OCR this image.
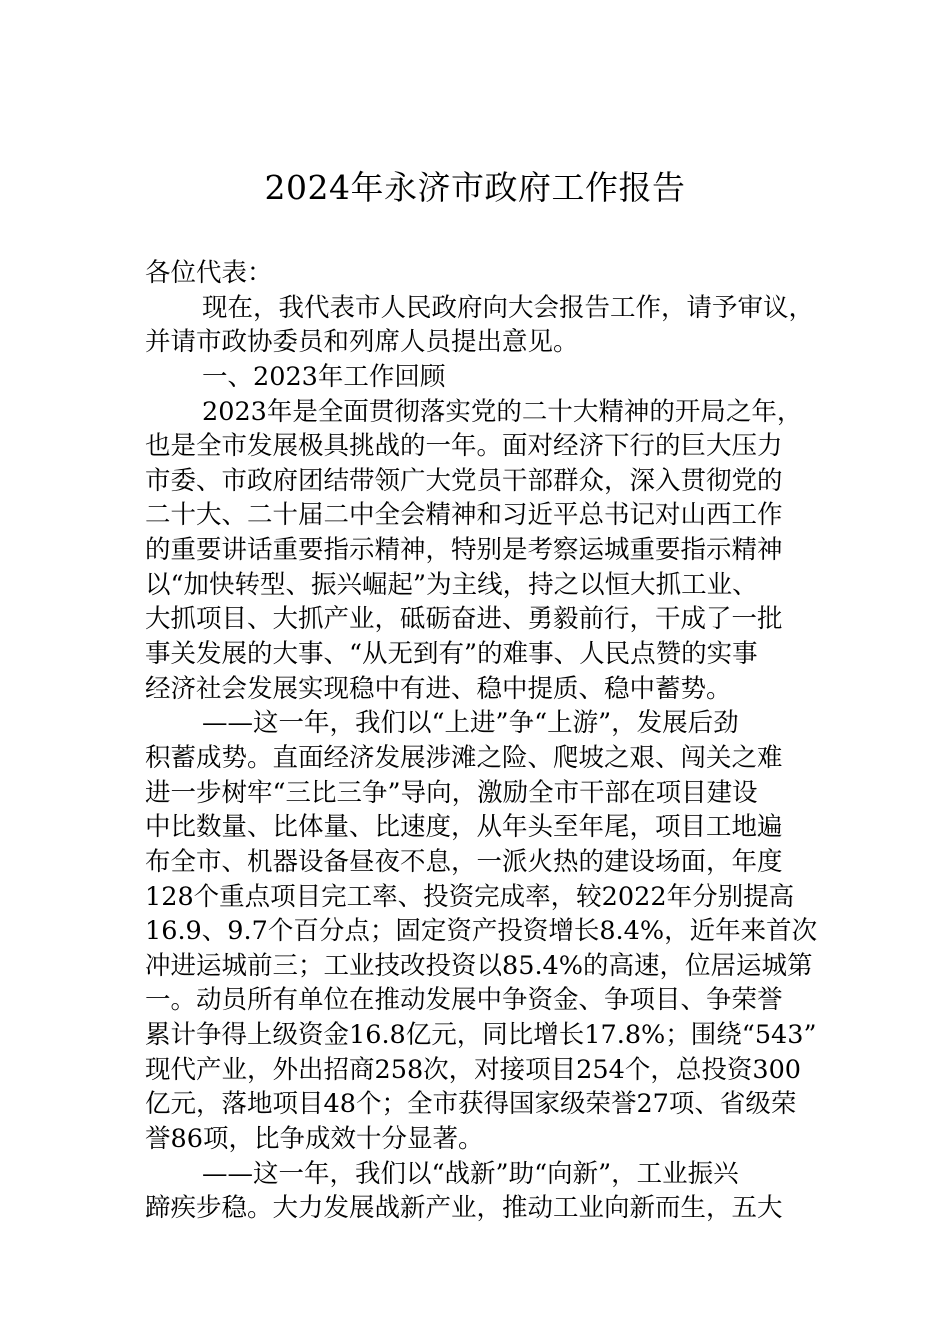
2024年永济市政府工作报告
各位代表：
现在，我代表市人民政府向大会报告工作，请予审议，
并请市政协委员和列席人员提出意见。
一、2023年工作回顾
2023年是全面贯彻落实党的二十大精神的开局之年，
也是全市发展极具挑战的一年。面对经济下行的巨大压力
市委、市政府团结带领广大党员干部群众，深入贯彻党的
二十大、二十届二中全会精神和习近平总书记对山西工作
的重要讲话重要指示精神，特别是考察运城重要指示精神
以“加快转型、振兴崛起”为主线，持之以恒大抓工业、
大抓项目、大抓产业，砥砺奋进、勇毅前行，干成了一批
事关发展的大事、“从无到有”的难事、人民点赞的实事
经济社会发展实现稳中有进、稳中提质、稳中蓄势。
——这一年，我们以“上进”争“上游”，发展后劲
积蓄成势。直面经济发展涉滩之险、爬坡之艰、闯关之难
进一步树牢“三比三争”导向，激励全市干部在项目建设
中比数量、比体量、比速度，从年头至年尾，项目工地遍
布全市、机器设备昼夜不息，一派火热的建设场面，年度
128个重点项目完工率、投资完成率，较2022年分别提高
16.9、9.7个百分点；固定资产投资增长8.4%，近年来首次
冲进运城前三；工业技改投资以85.4%的高速，位居运城第
一。动员所有单位在推动发展中争资金、争项目、争荣誉
累计争得上级资金16.8亿元，同比增长17.8%；围绕“543”
现代产业，外出招商258次，对接项目254个，总投资300
亿元，落地项目48个；全市获得国家级荣誉27项、省级荣
誉86项，比争成效十分显著。
——这一年，我们以“战新”助“向新”，工业振兴
蹄疾步稳。大力发展战新产业，推动工业向新而生，五大
